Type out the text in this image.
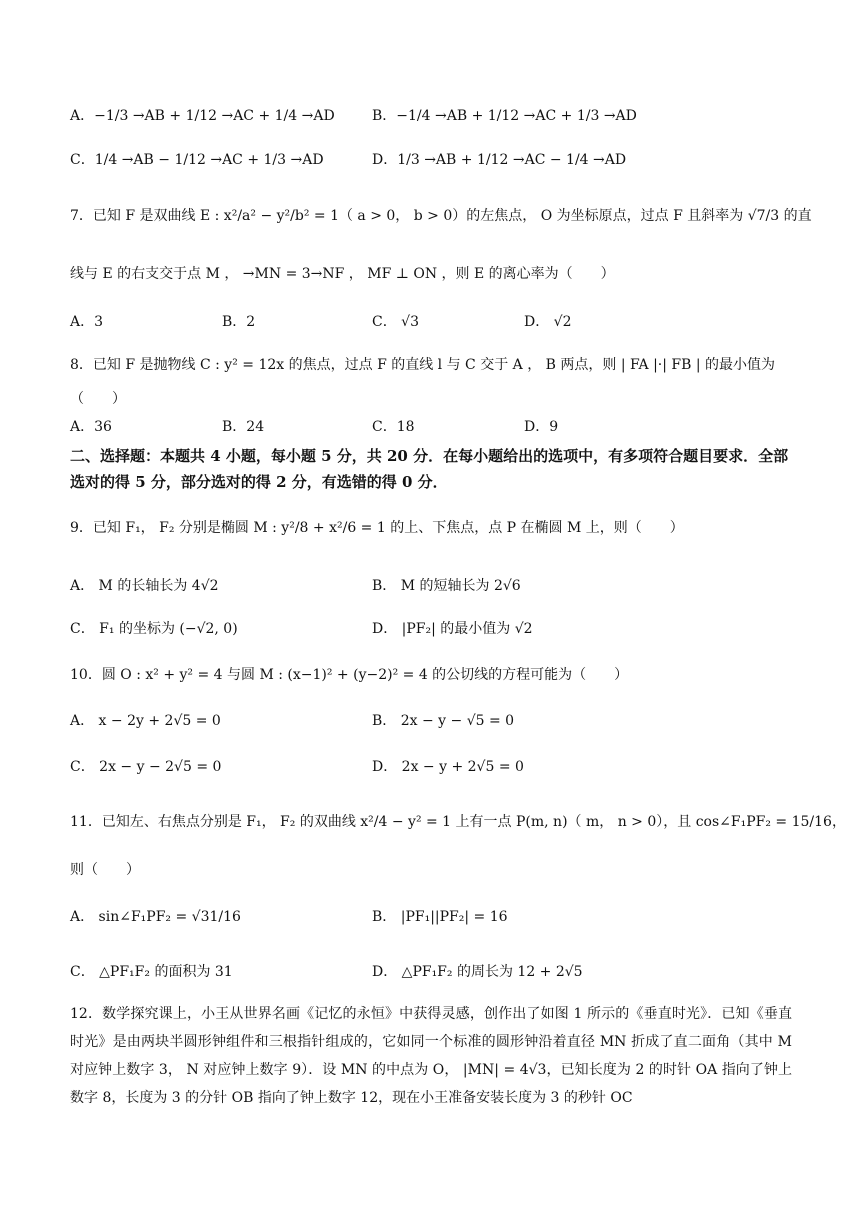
A．−1/3 →AB + 1/12 →AC + 1/4 →AD	B．−1/4 →AB + 1/12 →AC + 1/3 →AD
C．1/4 →AB − 1/12 →AC + 1/3 →AD	D．1/3 →AB + 1/12 →AC − 1/4 →AD
7．已知 F 是双曲线 E : x²/a² − y²/b² = 1（ a > 0， b > 0）的左焦点， O 为坐标原点，过点 F 且斜率为 √7/3 的直
线与 E 的右支交于点 M ， →MN = 3→NF ， MF ⊥ ON ，则 E 的离心率为（　　）
A．3	B．2	C． √3	D． √2
8．已知 F 是抛物线 C : y² = 12x 的焦点，过点 F 的直线 l 与 C 交于 A ， B 两点，则 | FA |·| FB | 的最小值为
（　　）
A．36	B．24	C．18	D．9
二、选择题：本题共 4 小题，每小题 5 分，共 20 分．在每小题给出的选项中，有多项符合题目要求．全部选对的得 5 分，部分选对的得 2 分，有选错的得 0 分．
9．已知 F₁， F₂ 分别是椭圆 M : y²/8 + x²/6 = 1 的上、下焦点，点 P 在椭圆 M 上，则（　　）
A． M 的长轴长为 4√2	B． M 的短轴长为 2√6
C． F₁ 的坐标为 (−√2, 0)	D． |PF₂| 的最小值为 √2
10．圆 O : x² + y² = 4 与圆 M : (x−1)² + (y−2)² = 4 的公切线的方程可能为（　　）
A． x − 2y + 2√5 = 0	B． 2x − y − √5 = 0
C． 2x − y − 2√5 = 0	D． 2x − y + 2√5 = 0
11．已知左、右焦点分别是 F₁， F₂ 的双曲线 x²/4 − y² = 1 上有一点 P(m, n)（ m， n > 0），且 cos∠F₁PF₂ = 15/16，
则（　　）
A． sin∠F₁PF₂ = √31/16	B． |PF₁||PF₂| = 16
C． △PF₁F₂ 的面积为 31	D． △PF₁F₂ 的周长为 12 + 2√5
12．数学探究课上，小王从世界名画《记忆的永恒》中获得灵感，创作出了如图 1 所示的《垂直时光》．已知《垂直时光》是由两块半圆形钟组件和三根指针组成的，它如同一个标准的圆形钟沿着直径 MN 折成了直二面角（其中 M 对应钟上数字 3， N 对应钟上数字 9）．设 MN 的中点为 O， |MN| = 4√3，已知长度为 2 的时针 OA 指向了钟上数字 8，长度为 3 的分针 OB 指向了钟上数字 12，现在小王准备安装长度为 3 的秒针 OC
